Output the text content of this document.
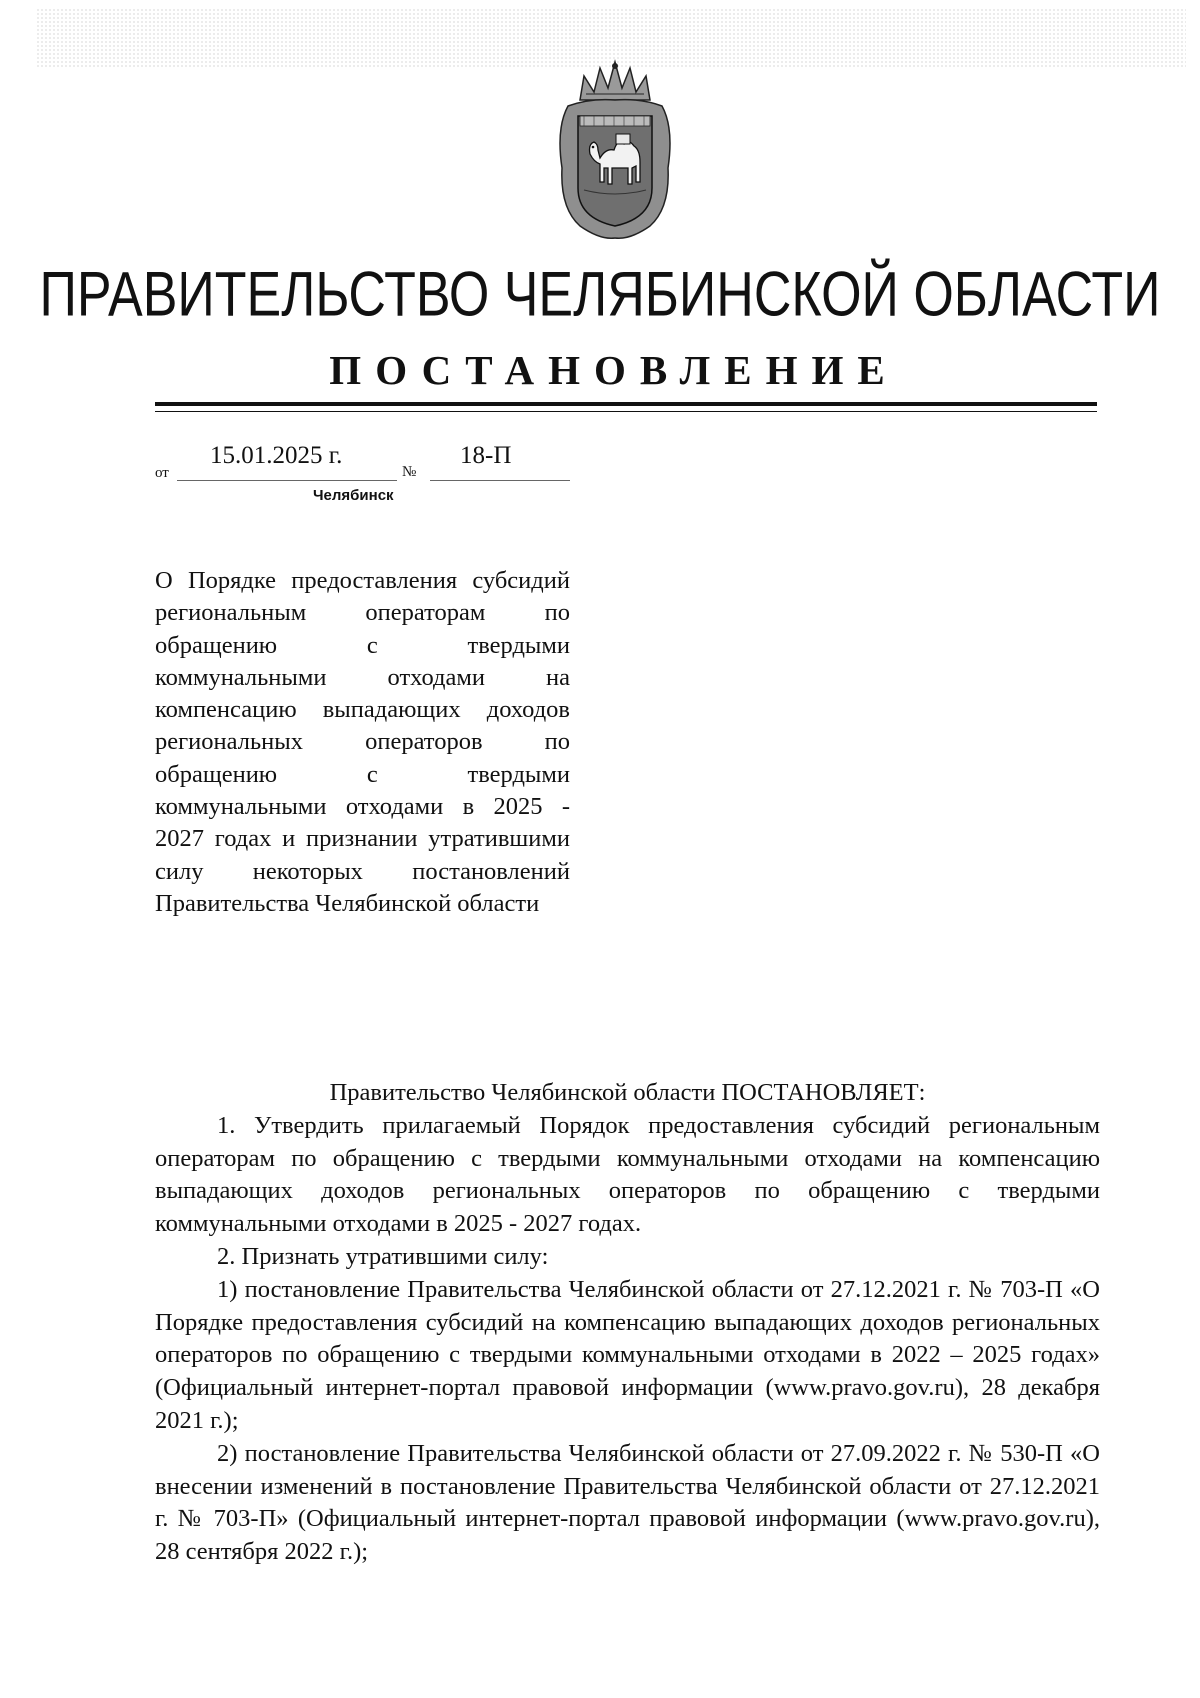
ПРАВИТЕЛЬСТВО ЧЕЛЯБИНСКОЙ ОБЛАСТИ
ПОСТАНОВЛЕНИЕ
от
15.01.2025 г.
№
18-П
Челябинск
О Порядке предоставления субсидий региональным операторам по обращению с твердыми коммунальными отходами на компенсацию выпадающих доходов региональных операторов по обращению с твердыми коммунальными отходами в 2025 - 2027 годах и признании утратившими силу некоторых постановлений Правительства Челябинской области

Правительство Челябинской области ПОСТАНОВЛЯЕТ:

1. Утвердить прилагаемый Порядок предоставления субсидий региональным операторам по обращению с твердыми коммунальными отходами на компенсацию выпадающих доходов региональных операторов по обращению с твердыми коммунальными отходами в 2025 - 2027 годах.

2. Признать утратившими силу:

1) постановление Правительства Челябинской области от 27.12.2021 г. № 703-П «О Порядке предоставления субсидий на компенсацию выпадающих доходов региональных операторов по обращению с твердыми коммунальными отходами в 2022 – 2025 годах» (Официальный интернет-портал правовой информации (www.pravo.gov.ru), 28 декабря 2021 г.);

2) постановление Правительства Челябинской области от 27.09.2022 г. № 530-П «О внесении изменений в постановление Правительства Челябинской области от 27.12.2021 г. № 703-П» (Официальный интернет-портал правовой информации (www.pravo.gov.ru), 28 сентября 2022 г.);
